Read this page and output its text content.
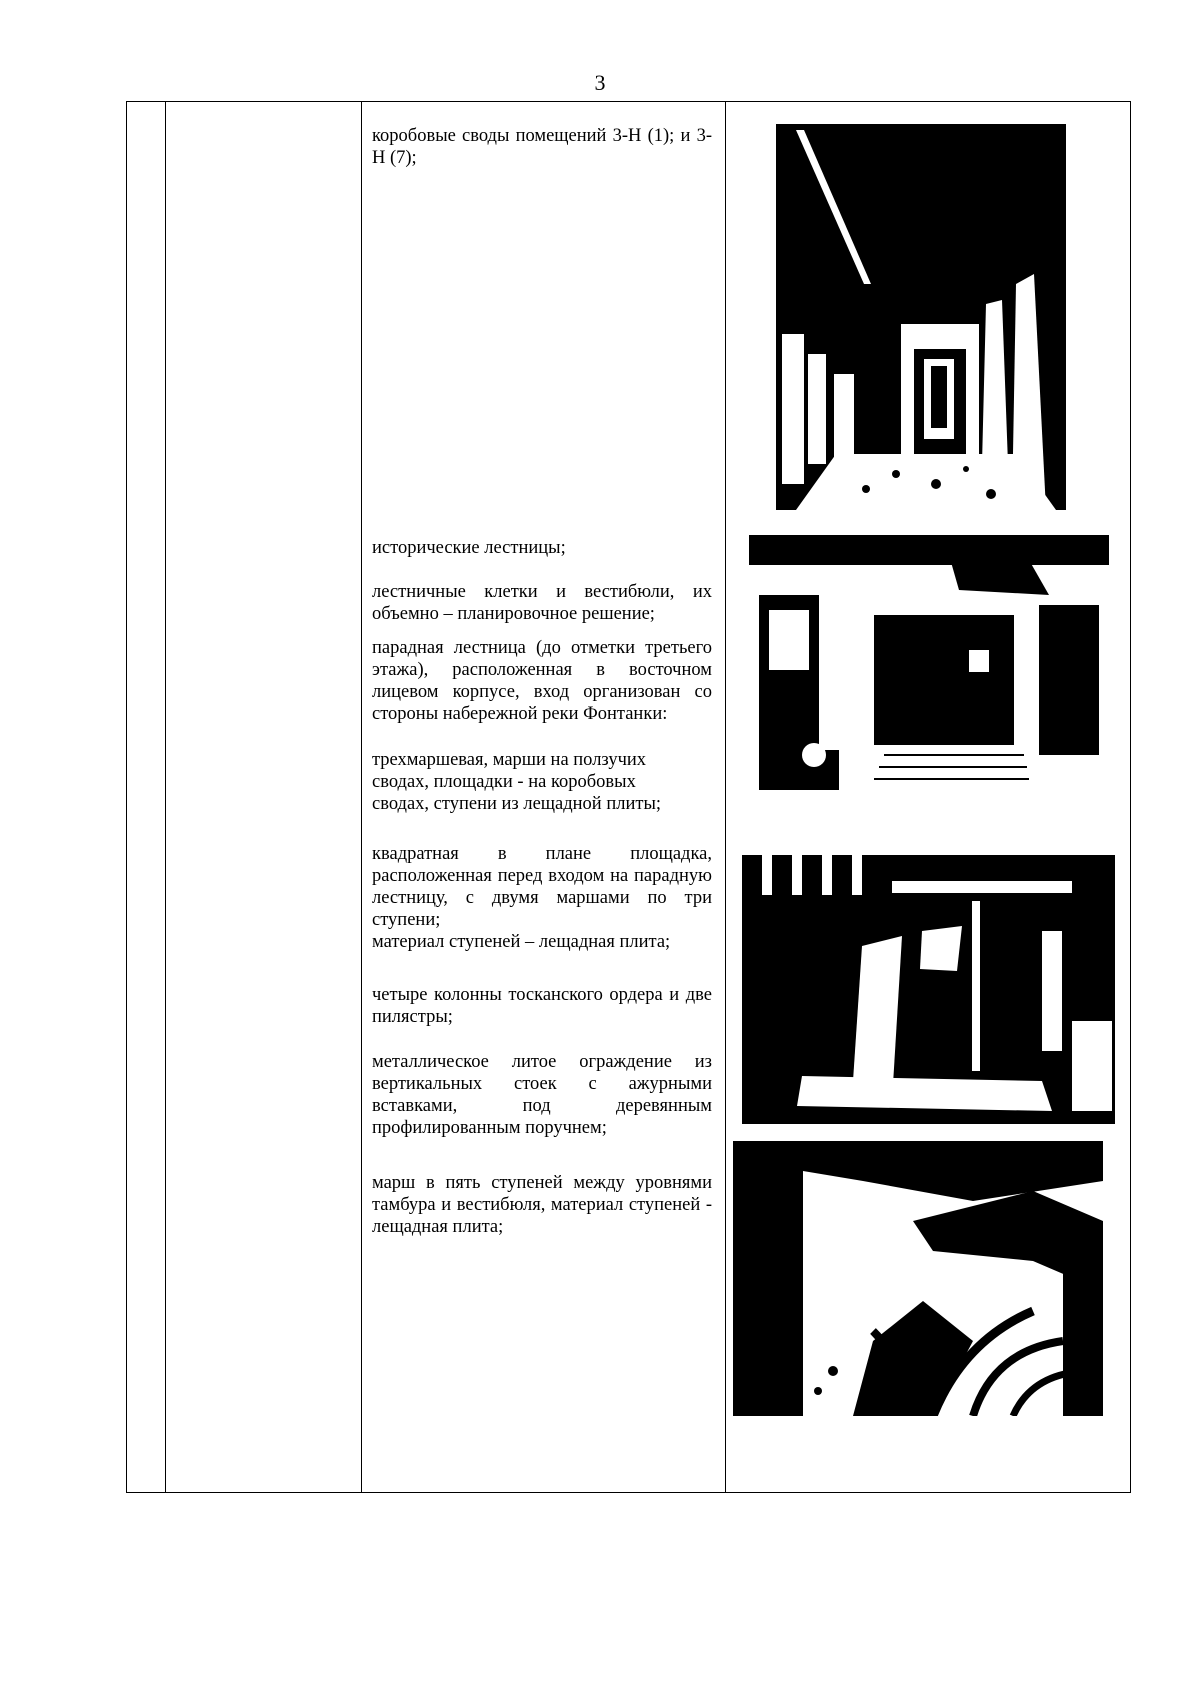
3

коробовые своды помещений 3-Н (1); и 3-Н (7);

исторические лестницы;

лестничные клетки и вестибюли, их объемно – планировочное решение;

парадная лестница (до отметки третьего этажа), расположенная в восточном лицевом корпусе, вход организован со стороны набережной реки Фонтанки:

трехмаршевая, марши на ползучих

сводах, площадки - на коробовых

сводах, ступени из лещадной плиты;

квадратная в плане площадка, расположенная перед входом на парадную лестницу, с двумя маршами по три ступени;

материал ступеней – лещадная плита;

четыре колонны тосканского ордера и две пилястры;

металлическое литое ограждение из вертикальных стоек с ажурными вставками, под деревянным профилированным поручнем;

марш в пять ступеней между уровнями тамбура и вестибюля, материал ступеней - лещадная плита;
